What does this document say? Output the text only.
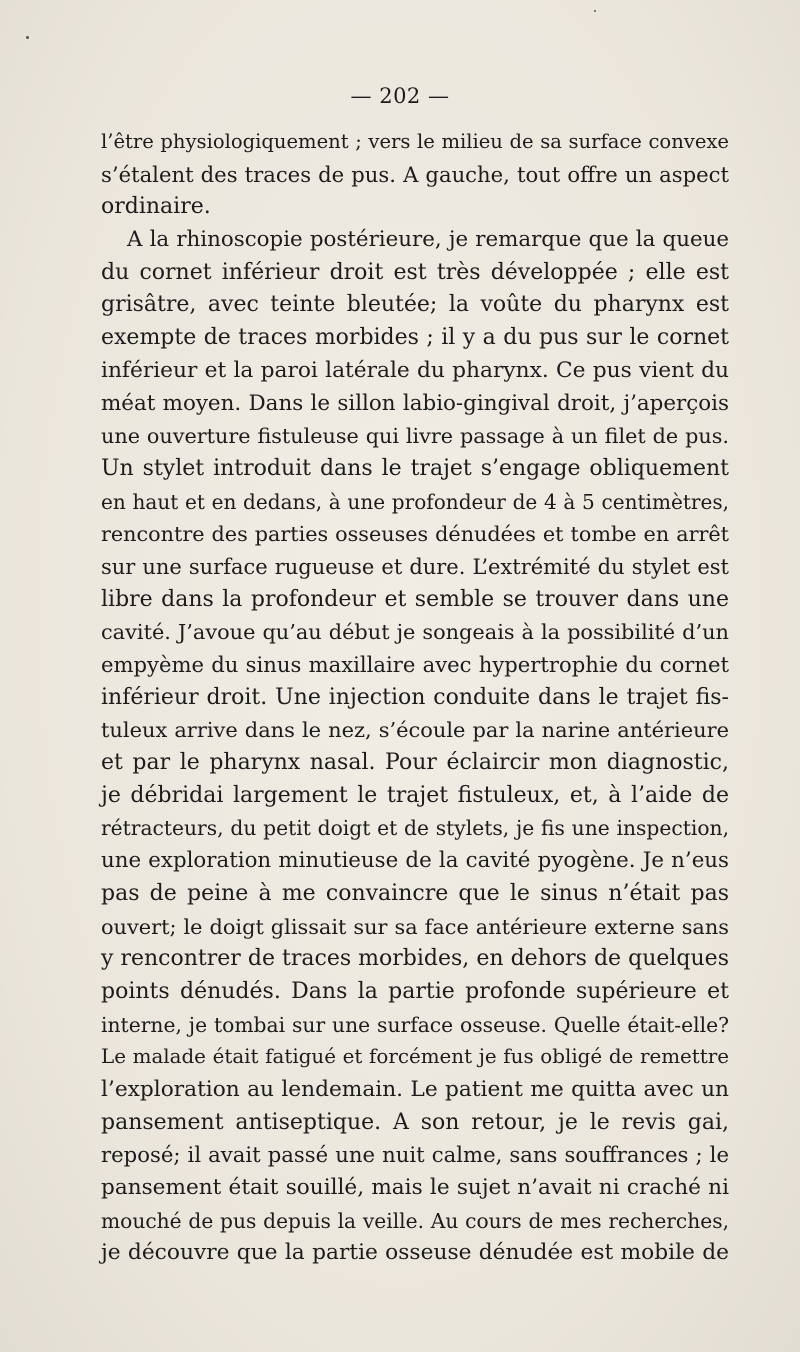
— 202 —
l’être physiologiquement ; vers le milieu de sa surface convexe
s’étalent des traces de pus. A gauche, tout offre un aspect
ordinaire.
A la rhinoscopie postérieure, je remarque que la queue
du cornet inférieur droit est très développée ; elle est
grisâtre, avec teinte bleutée; la voûte du pharynx est
exempte de traces morbides ; il y a du pus sur le cornet
inférieur et la paroi latérale du pharynx. Ce pus vient du
méat moyen. Dans le sillon labio-gingival droit, j’aperçois
une ouverture fistuleuse qui livre passage à un filet de pus.
Un stylet introduit dans le trajet s’engage obliquement
en haut et en dedans, à une profondeur de 4 à 5 centimètres,
rencontre des parties osseuses dénudées et tombe en arrêt
sur une surface rugueuse et dure. L’extrémité du stylet est
libre dans la profondeur et semble se trouver dans une
cavité. J’avoue qu’au début je songeais à la possibilité d’un
empyème du sinus maxillaire avec hypertrophie du cornet
inférieur droit. Une injection conduite dans le trajet fis-
tuleux arrive dans le nez, s’écoule par la narine antérieure
et par le pharynx nasal. Pour éclaircir mon diagnostic,
je débridai largement le trajet fistuleux, et, à l’aide de
rétracteurs, du petit doigt et de stylets, je fis une inspection,
une exploration minutieuse de la cavité pyogène. Je n’eus
pas de peine à me convaincre que le sinus n’était pas
ouvert; le doigt glissait sur sa face antérieure externe sans
y rencontrer de traces morbides, en dehors de quelques
points dénudés. Dans la partie profonde supérieure et
interne, je tombai sur une surface osseuse. Quelle était-elle?
Le malade était fatigué et forcément je fus obligé de remettre
l’exploration au lendemain. Le patient me quitta avec un
pansement antiseptique. A son retour, je le revis gai,
reposé; il avait passé une nuit calme, sans souffrances ; le
pansement était souillé, mais le sujet n’avait ni craché ni
mouché de pus depuis la veille. Au cours de mes recherches,
je découvre que la partie osseuse dénudée est mobile de
